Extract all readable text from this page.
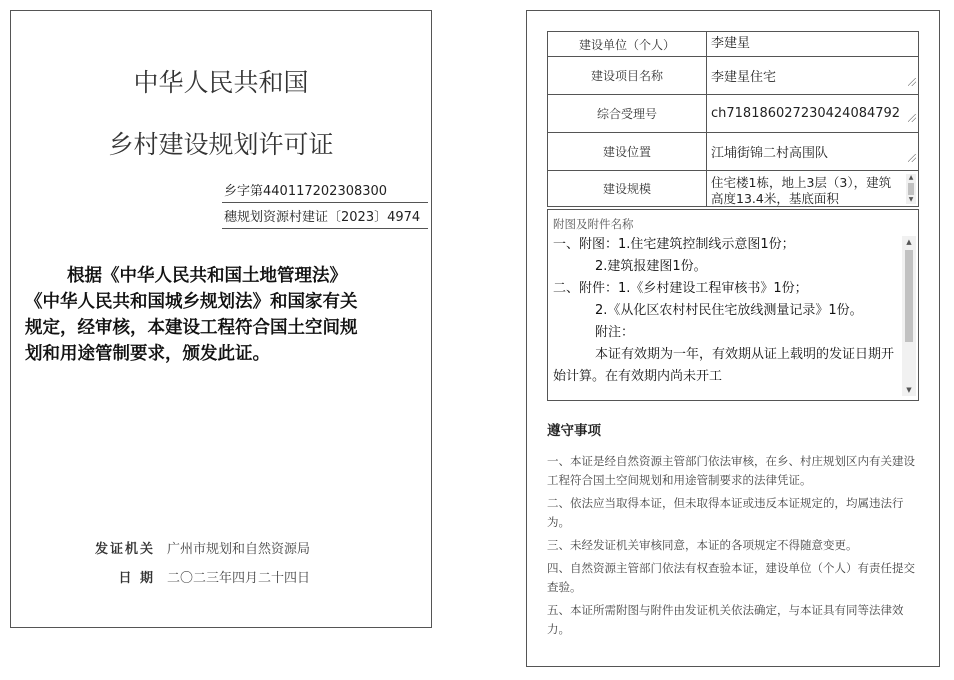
中华人民共和国
乡村建设规划许可证
乡字第440117202308300
穗规划资源村建证〔2023〕4974
根据《中华人民共和国土地管理法》
《中华人民共和国城乡规划法》和国家有关
规定，经审核，本建设工程符合国土空间规
划和用途管制要求，颁发此证。
发证机关 广州市规划和自然资源局
日 期 二〇二三年四月二十四日
建设单位（个人）	李建星

建设项目名称	李建星住宅

综合受理号	ch718186027230424084792

建设位置	江埔街锦二村高围队

建设规模	住宅楼1栋，地上3层（3），建筑高度13.4米，基底面积
▲
▼
附图及附件名称
一、附图：1.住宅建筑控制线示意图1份；
2.建筑报建图1份。
二、附件：1.《乡村建设工程审核书》1份；
2.《从化区农村村民住宅放线测量记录》1份。
附注：
本证有效期为一年，有效期从证上载明的发证日期开始计算。在有效期内尚未开工
▲
▼
遵守事项
一、本证是经自然资源主管部门依法审核，在乡、村庄规划区内有关建设工程符合国土空间规划和用途管制要求的法律凭证。
二、依法应当取得本证，但未取得本证或违反本证规定的，均属违法行为。
三、未经发证机关审核同意，本证的各项规定不得随意变更。
四、自然资源主管部门依法有权查验本证，建设单位（个人）有责任提交查验。
五、本证所需附图与附件由发证机关依法确定，与本证具有同等法律效力。
